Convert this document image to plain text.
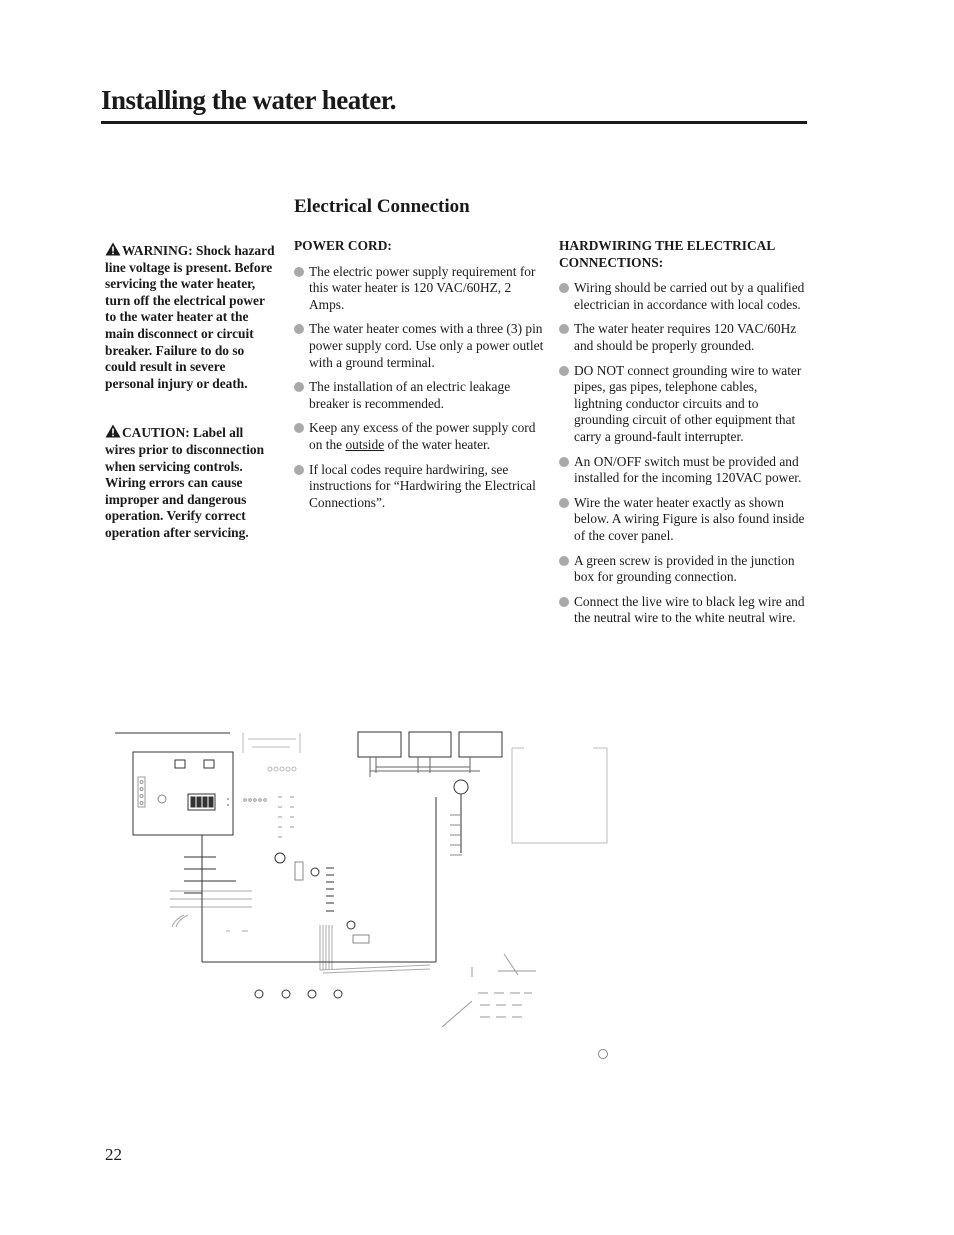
Installing the water heater.
Electrical Connection

WARNING: Shock hazard line voltage is present. Before servicing the water heater, turn off the electrical power to the water heater at the main disconnect or circuit breaker. Failure to do so could result in severe personal injury or death.

CAUTION: Label all wires prior to disconnection when servicing controls. Wiring errors can cause improper and dangerous operation. Verify correct operation after servicing.

POWER CORD:
The electric power supply requirement for this water heater is 120 VAC/60HZ, 2 Amps.
The water heater comes with a three (3) pin power supply cord. Use only a power outlet with a ground terminal.
The installation of an electric leakage breaker is recommended.
Keep any excess of the power supply cord on the outside of the water heater.
If local codes require hardwiring, see instructions for “Hardwiring the Electrical Connections”.
HARDWIRING THE ELECTRICAL CONNECTIONS:
Wiring should be carried out by a qualified electrician in accordance with local codes.
The water heater requires 120 VAC/60Hz and should be properly grounded.
DO NOT connect grounding wire to water pipes, gas pipes, telephone cables, lightning conductor circuits and to grounding circuit of other equipment that carry a ground-fault interrupter.
An ON/OFF switch must be provided and installed for the incoming 120VAC power.
Wire the water heater exactly as shown below. A wiring Figure is also found inside of the cover panel.
A green screw is provided in the junction box for grounding connection.
Connect the live wire to black leg wire and the neutral wire to the white neutral wire.
22
